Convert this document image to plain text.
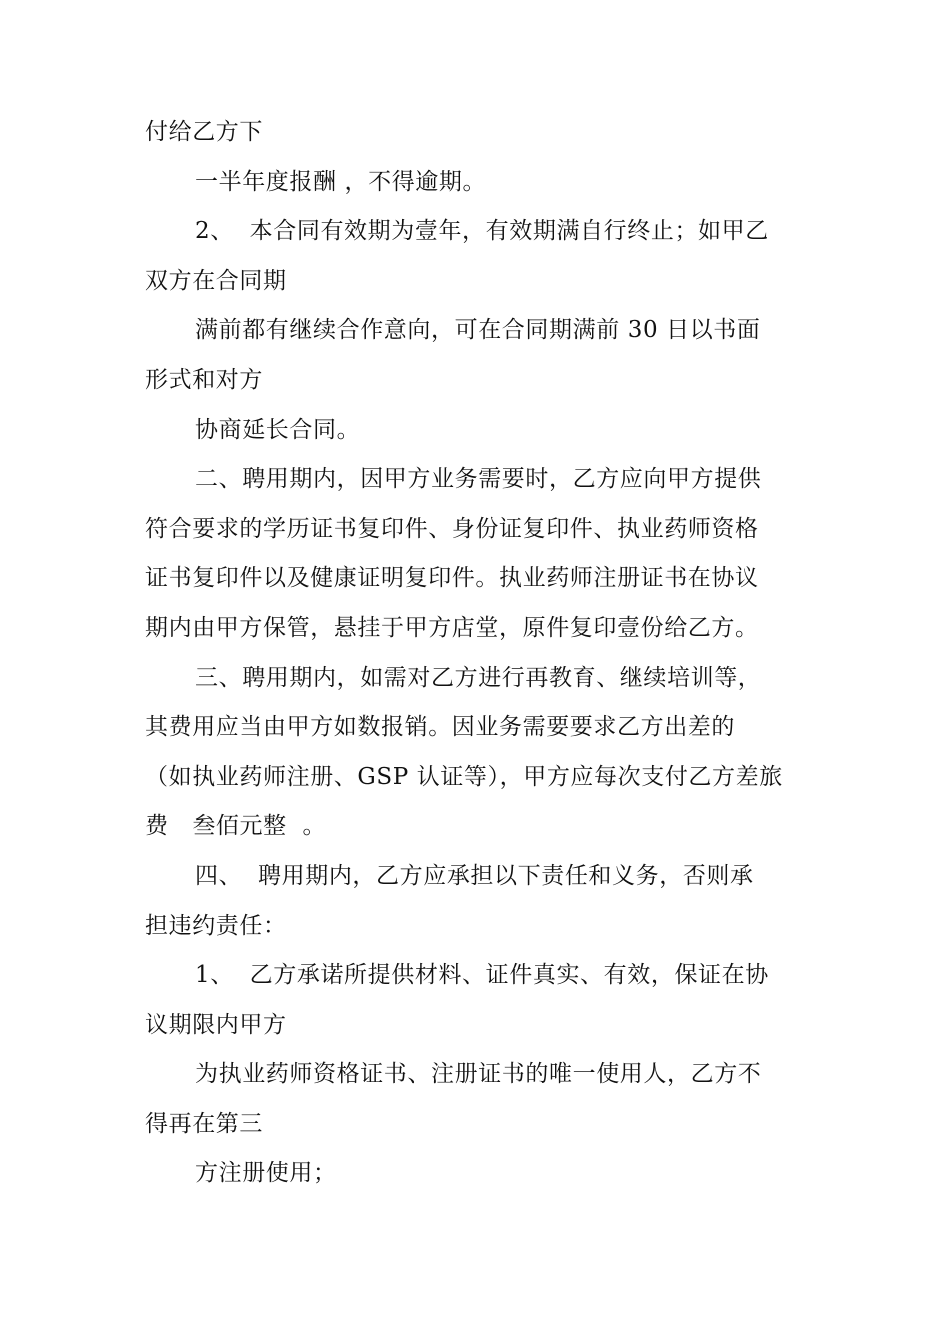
付给乙方下
一半年度报酬 ，不得逾期。
2、  本合同有效期为壹年，有效期满自行终止；如甲乙
双方在合同期
满前都有继续合作意向，可在合同期满前 30 日以书面
形式和对方
协商延长合同。
二、聘用期内，因甲方业务需要时，乙方应向甲方提供
符合要求的学历证书复印件、身份证复印件、执业药师资格
证书复印件以及健康证明复印件。执业药师注册证书在协议
期内由甲方保管，悬挂于甲方店堂，原件复印壹份给乙方。
三、聘用期内，如需对乙方进行再教育、继续培训等，
其费用应当由甲方如数报销。因业务需要要求乙方出差的
（如执业药师注册、GSP 认证等），甲方应每次支付乙方差旅
费   叁佰元整  。
四、  聘用期内，乙方应承担以下责任和义务，否则承
担违约责任：
1、  乙方承诺所提供材料、证件真实、有效，保证在协
议期限内甲方
为执业药师资格证书、注册证书的唯一使用人，乙方不
得再在第三
方注册使用；
